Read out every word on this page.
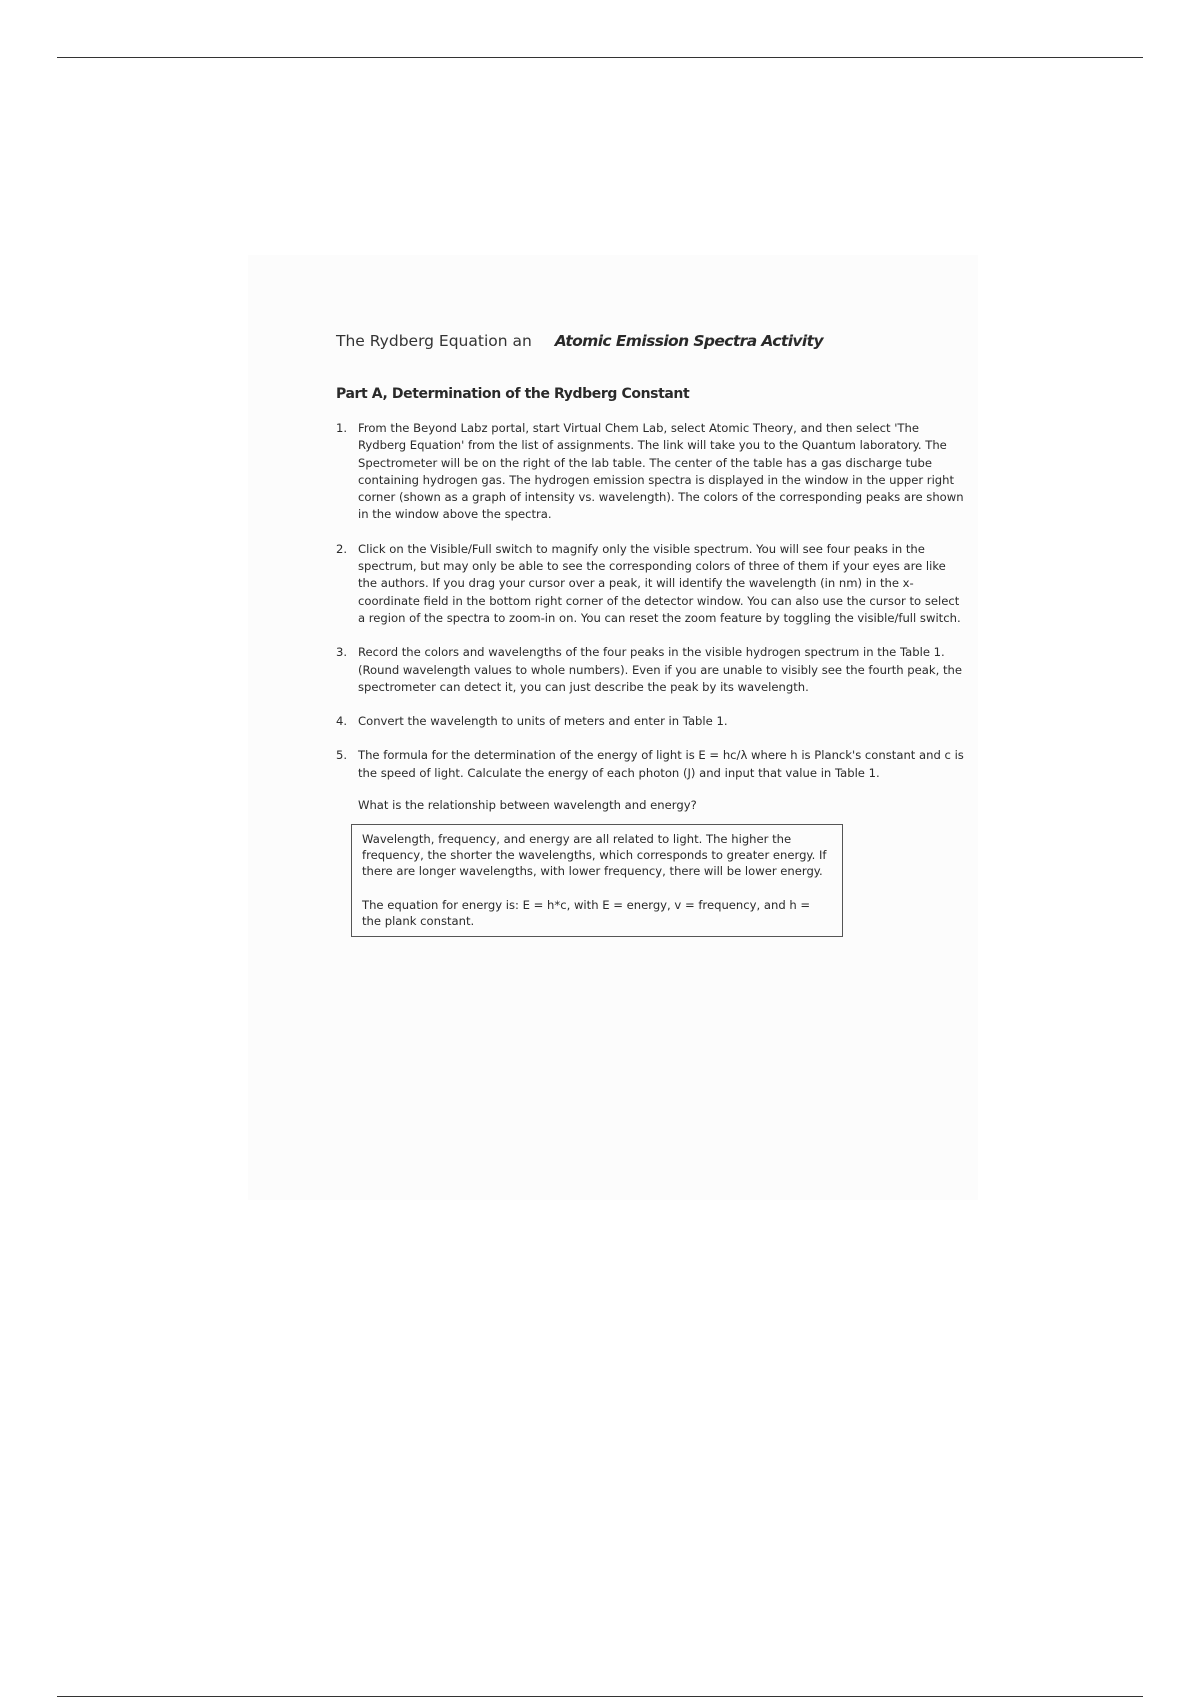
The Rydberg Equation an Atomic Emission Spectra Activity
Part A, Determination of the Rydberg Constant
1. From the Beyond Labz portal, start Virtual Chem Lab, select Atomic Theory, and then select 'The Rydberg Equation' from the list of assignments. The link will take you to the Quantum laboratory. The Spectrometer will be on the right of the lab table. The center of the table has a gas discharge tube containing hydrogen gas. The hydrogen emission spectra is displayed in the window in the upper right corner (shown as a graph of intensity vs. wavelength). The colors of the corresponding peaks are shown in the window above the spectra.
2. Click on the Visible/Full switch to magnify only the visible spectrum. You will see four peaks in the spectrum, but may only be able to see the corresponding colors of three of them if your eyes are like the authors. If you drag your cursor over a peak, it will identify the wavelength (in nm) in the x-coordinate field in the bottom right corner of the detector window. You can also use the cursor to select a region of the spectra to zoom-in on. You can reset the zoom feature by toggling the visible/full switch.
3. Record the colors and wavelengths of the four peaks in the visible hydrogen spectrum in the Table 1. (Round wavelength values to whole numbers). Even if you are unable to visibly see the fourth peak, the spectrometer can detect it, you can just describe the peak by its wavelength.
4. Convert the wavelength to units of meters and enter in Table 1.
5. The formula for the determination of the energy of light is E = hc/λ where h is Planck's constant and c is the speed of light. Calculate the energy of each photon (J) and input that value in Table 1.
What is the relationship between wavelength and energy?

Wavelength, frequency, and energy are all related to light. The higher the frequency, the shorter the wavelengths, which corresponds to greater energy. If there are longer wavelengths, with lower frequency, there will be lower energy.

The equation for energy is: E = h*c, with E = energy, v = frequency, and h = the plank constant.
